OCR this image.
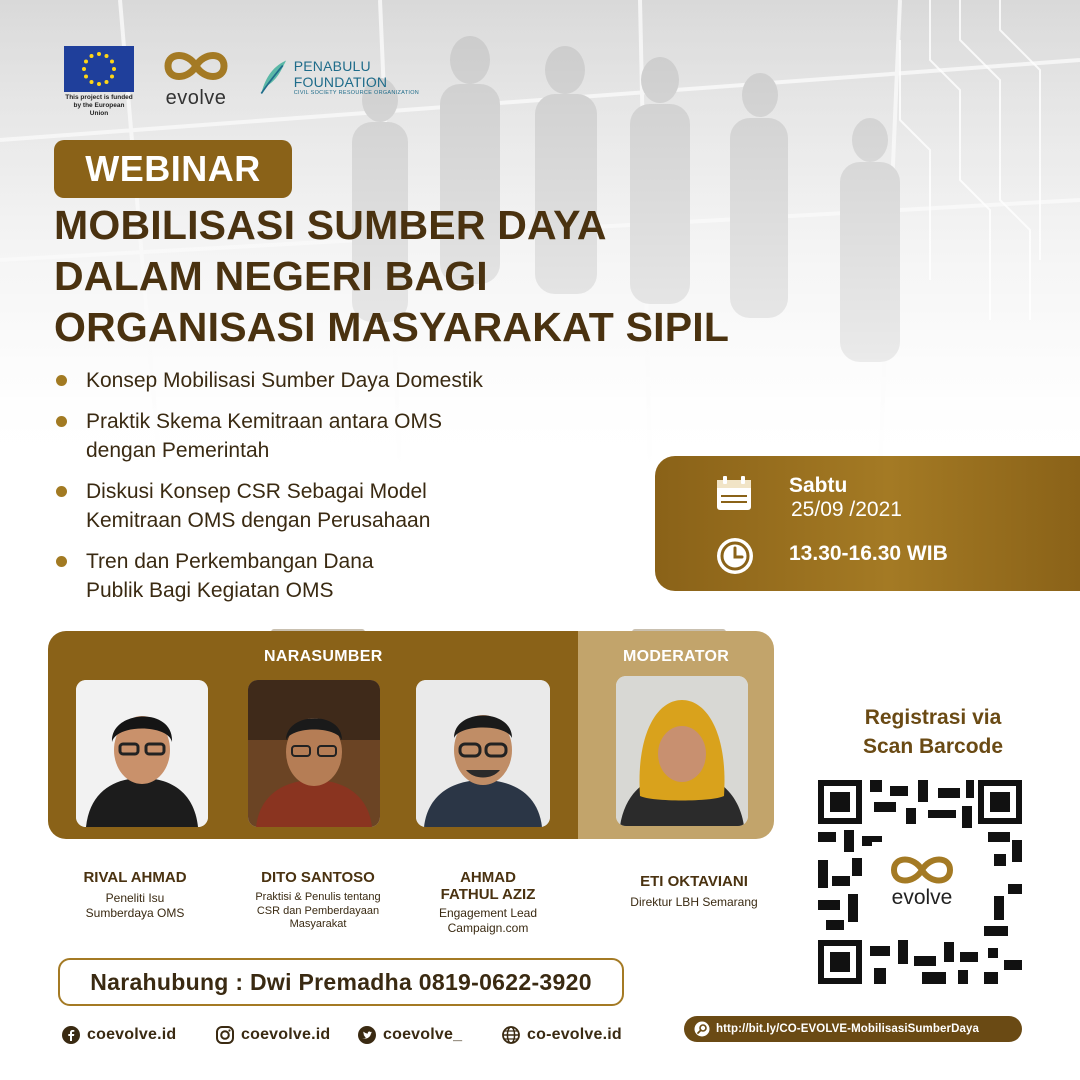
This project is funded by the European Union
evolve
PENABULU FOUNDATION
CIVIL SOCIETY RESOURCE ORGANIZATION
WEBINAR
MOBILISASI SUMBER DAYA
DALAM NEGERI BAGI
ORGANISASI MASYARAKAT SIPIL
Konsep Mobilisasi Sumber Daya Domestik
Praktik Skema Kemitraan antara OMS
dengan Pemerintah
Diskusi Konsep CSR Sebagai Model
Kemitraan OMS dengan Perusahaan
Tren dan Perkembangan Dana
Publik Bagi Kegiatan OMS
Sabtu
25/09 /2021
13.30-16.30 WIB
NARASUMBER	MODERATOR
RIVAL AHMAD
Peneliti Isu
Sumberdaya OMS
DITO SANTOSO
Praktisi & Penulis tentang
CSR dan Pemberdayaan
Masyarakat
AHMAD
FATHUL AZIZ
Engagement Lead
Campaign.com
ETI OKTAVIANI
Direktur LBH Semarang
Registrasi via
Scan Barcode
evolve
Narahubung : Dwi Premadha 0819-0622-3920
coevolve.id	coevolve.id	coevolve_	co-evolve.id	http://bit.ly/CO-EVOLVE-MobilisasiSumberDaya
